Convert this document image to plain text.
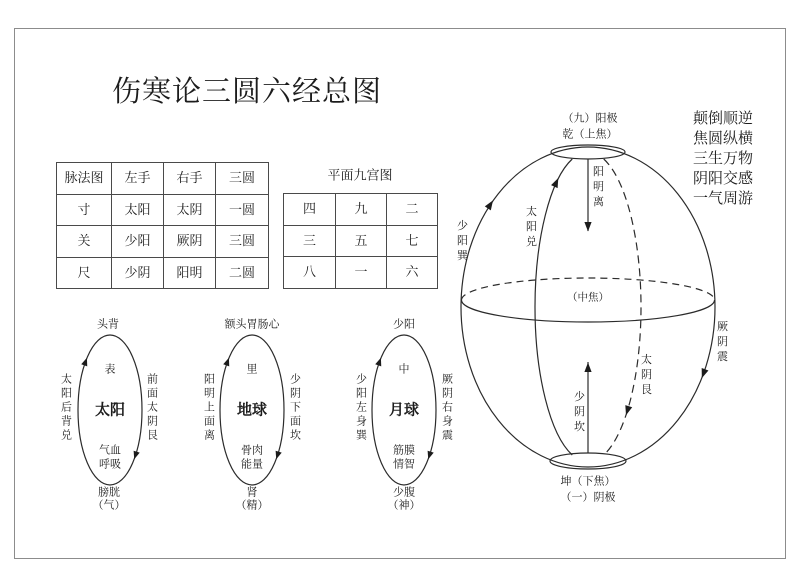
伤寒论三圆六经总图
脉法图	左手	右手	三圆
寸	太阳	太阴	一圆
关	少阳	厥阴	三圆
尺	少阴	阳明	二圆
平面九宫图
四	九	二
三	五	七
八	一	六
颠倒顺逆
焦圆纵横
三生万物
阴阳交感
一气周游
头背
表
太阳
气血
呼吸
膀胱
（气）
太阳后背兑	前面太阴艮
额头胃肠心
里
地球
骨肉
能量
肾
（精）
阳明上面离	少阴下面坎
少阳
中
月球
筋膜
情智
少腹
（神）
少阳左身巽	厥阴右身震
（九）阳极
乾（上焦）
（中焦）
坤（下焦）
（一）阴极
少阳巽	太阳兑
阳明离
厥阴震
太阴艮
少阴坎
